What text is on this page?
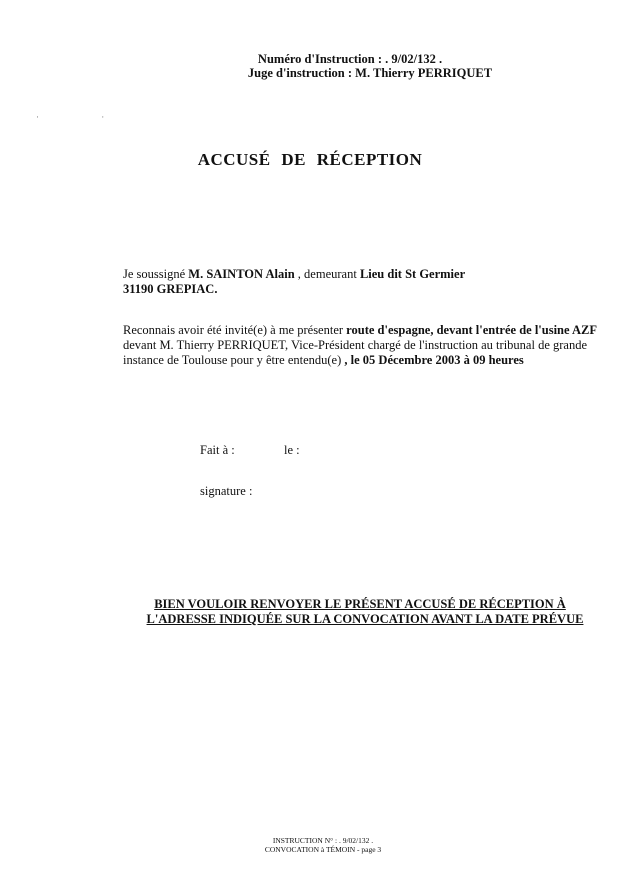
Numéro d'Instruction : . 9/02/132 .
Juge d'instruction : M. Thierry PERRIQUET
· ·
ACCUSÉ DE RÉCEPTION
Je soussigné M. SAINTON Alain , demeurant Lieu dit St Germier
31190 GREPIAC.
Reconnais avoir été invité(e) à me présenter route d'espagne, devant l'entrée de l'usine AZF devant M. Thierry PERRIQUET, Vice-Président chargé de l'instruction au tribunal de grande instance de Toulouse pour y être entendu(e) , le 05 Décembre 2003 à 09 heures
Fait à :	le :
signature :
BIEN VOULOIR RENVOYER LE PRÉSENT ACCUSÉ DE RÉCEPTION À
L'ADRESSE INDIQUÉE SUR LA CONVOCATION AVANT LA DATE PRÉVUE
INSTRUCTION N° : . 9/02/132 .
CONVOCATION à TÉMOIN - page 3
